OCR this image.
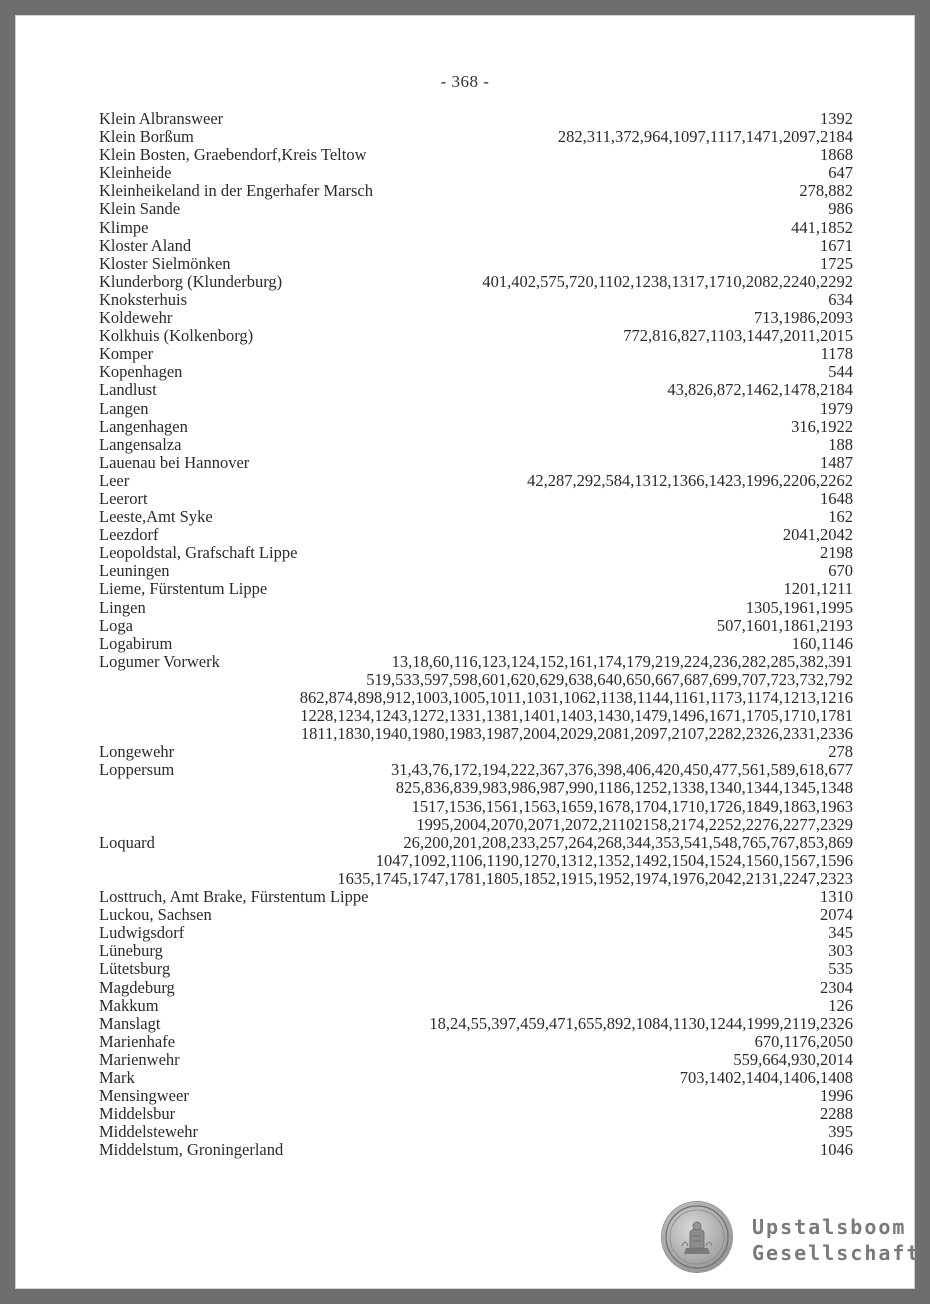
- 368 -
Klein Albransweer	1392
Klein Borßum	282,311,372,964,1097,1117,1471,2097,2184
Klein Bosten, Graebendorf,Kreis Teltow	1868
Kleinheide	647
Kleinheikeland in der Engerhafer Marsch	278,882
Klein Sande	986
Klimpe	441,1852
Kloster Aland	1671
Kloster Sielmönken	1725
Klunderborg (Klunderburg)	401,402,575,720,1102,1238,1317,1710,2082,2240,2292
Knoksterhuis	634
Koldewehr	713,1986,2093
Kolkhuis (Kolkenborg)	772,816,827,1103,1447,2011,2015
Komper	1178
Kopenhagen	544
Landlust	43,826,872,1462,1478,2184
Langen	1979
Langenhagen	316,1922
Langensalza	188
Lauenau bei Hannover	1487
Leer	42,287,292,584,1312,1366,1423,1996,2206,2262
Leerort	1648
Leeste,Amt Syke	162
Leezdorf	2041,2042
Leopoldstal, Grafschaft Lippe	2198
Leuningen	670
Lieme, Fürstentum Lippe	1201,1211
Lingen	1305,1961,1995
Loga	507,1601,1861,2193
Logabirum	160,1146
Logumer Vorwerk	13,18,60,116,123,124,152,161,174,179,219,224,236,282,285,382,391
519,533,597,598,601,620,629,638,640,650,667,687,699,707,723,732,792
862,874,898,912,1003,1005,1011,1031,1062,1138,1144,1161,1173,1174,1213,1216
1228,1234,1243,1272,1331,1381,1401,1403,1430,1479,1496,1671,1705,1710,1781
1811,1830,1940,1980,1983,1987,2004,2029,2081,2097,2107,2282,2326,2331,2336
Longewehr	278
Loppersum	31,43,76,172,194,222,367,376,398,406,420,450,477,561,589,618,677
825,836,839,983,986,987,990,1186,1252,1338,1340,1344,1345,1348
1517,1536,1561,1563,1659,1678,1704,1710,1726,1849,1863,1963
1995,2004,2070,2071,2072,21102158,2174,2252,2276,2277,2329
Loquard	26,200,201,208,233,257,264,268,344,353,541,548,765,767,853,869
1047,1092,1106,1190,1270,1312,1352,1492,1504,1524,1560,1567,1596
1635,1745,1747,1781,1805,1852,1915,1952,1974,1976,2042,2131,2247,2323
Losttruch, Amt Brake, Fürstentum Lippe	1310
Luckou, Sachsen	2074
Ludwigsdorf	345
Lüneburg	303
Lütetsburg	535
Magdeburg	2304
Makkum	126
Manslagt	18,24,55,397,459,471,655,892,1084,1130,1244,1999,2119,2326
Marienhafe	670,1176,2050
Marienwehr	559,664,930,2014
Mark	703,1402,1404,1406,1408
Mensingweer	1996
Middelsbur	2288
Middelstewehr	395
Middelstum, Groningerland	1046
Upstalsboom
Gesellschaft
